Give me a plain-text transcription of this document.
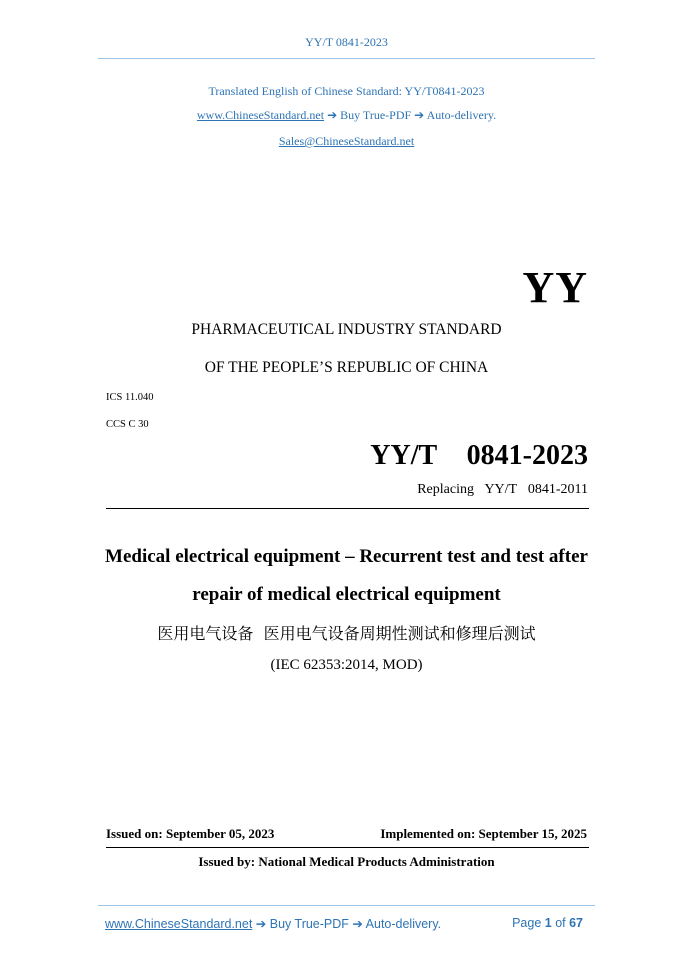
YY/T 0841-2023
Translated English of Chinese Standard: YY/T0841-2023
www.ChineseStandard.net ➔ Buy True-PDF ➔ Auto-delivery.
Sales@ChineseStandard.net
YY
PHARMACEUTICAL INDUSTRY STANDARD
OF THE PEOPLE’S REPUBLIC OF CHINA
ICS 11.040
CCS C 30
YY/T  0841-2023
Replacing  YY/T  0841-2011
Medical electrical equipment – Recurrent test and test after
repair of medical electrical equipment
医用电气设备  医用电气设备周期性测试和修理后测试
(IEC 62353:2014, MOD)
Issued on: September 05, 2023	Implemented on: September 15, 2025
Issued by: National Medical Products Administration
www.ChineseStandard.net ➔ Buy True-PDF ➔ Auto-delivery.	Page 1 of 67
